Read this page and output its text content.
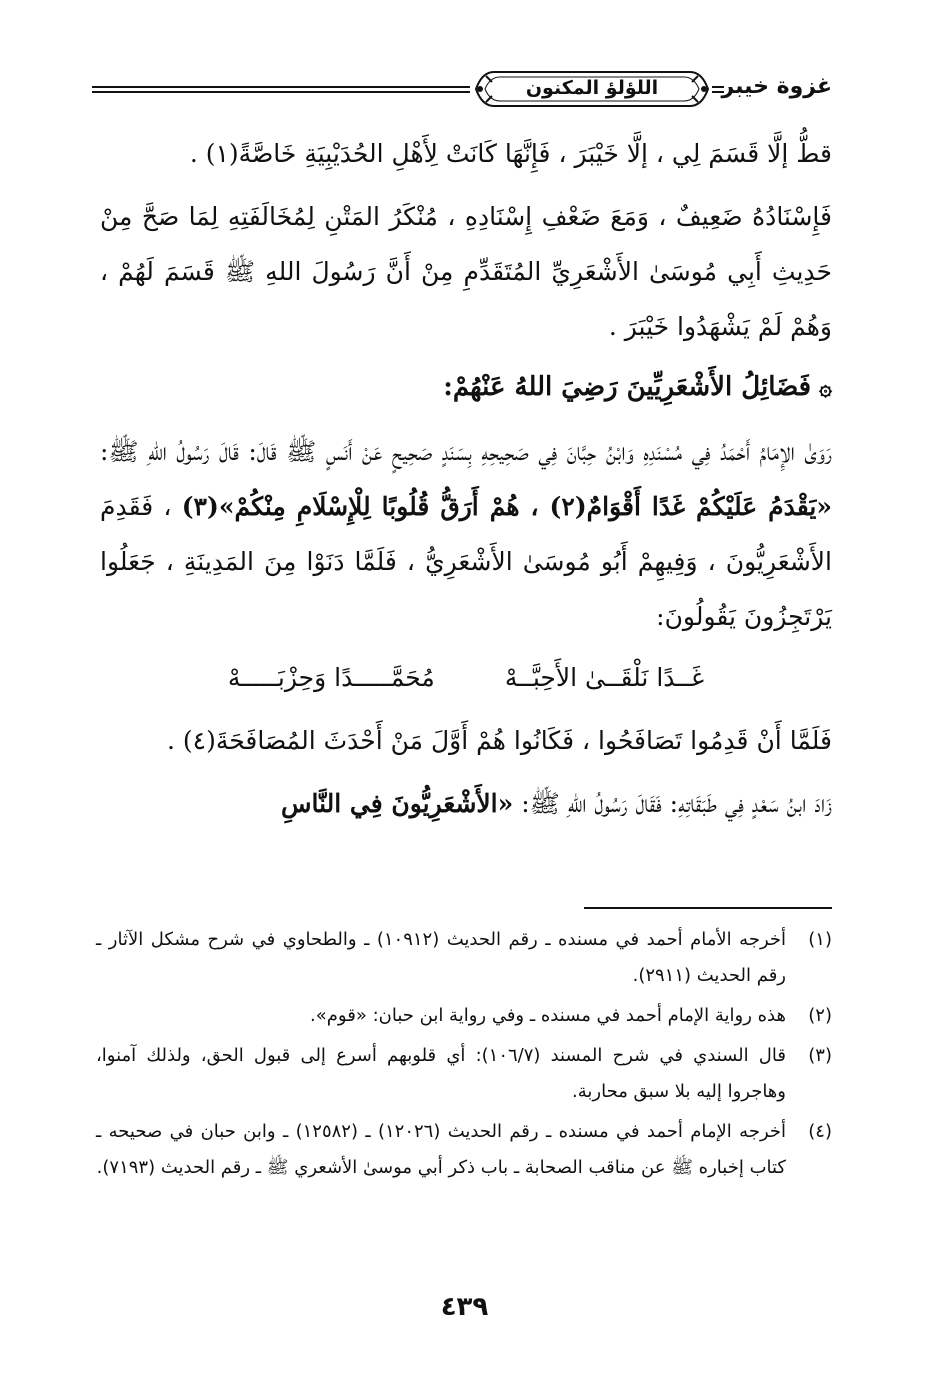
غزوة خيبر
اللؤلؤ المكنون

قطُّ إلَّا قَسَمَ لِي ، إلَّا خَيْبَرَ ، فَإِنَّهَا كَانَتْ لِأَهْلِ الحُدَيْبِيَةِ خَاصَّةً(١) .

فَإِسْنَادُهُ ضَعِيفٌ ، وَمَعَ ضَعْفِ إِسْنَادِهِ ، مُنْكَرُ المَتْنِ لِمُخَالَفَتِهِ لِمَا صَحَّ مِنْ حَدِيثِ أَبِي مُوسَىٰ الأَشْعَرِيِّ المُتَقَدِّمِ مِنْ أَنَّ رَسُولَ اللهِ ﷺ قَسَمَ لَهُمْ ، وَهُمْ لَمْ يَشْهَدُوا خَيْبَرَ .

۞فَضَائِلُ الأَشْعَرِيِّينَ رَضِيَ اللهُ عَنْهُمْ:

رَوَىٰ الإِمَامُ أَحْمَدُ فِي مُسْنَدِهِ وَابْنُ حِبَّانَ فِي صَحِيحِهِ بِسَنَدٍ صَحِيحٍ عَنْ أَنَسٍ ﷺ قَالَ: قَالَ رَسُولُ اللهِ ﷺ: «يَقْدَمُ عَلَيْكُمْ غَدًا أَقْوَامٌ(٢) ، هُمْ أَرَقُّ قُلُوبًا لِلْإِسْلَامِ مِنْكُمْ»(٣) ، فَقَدِمَ الأَشْعَرِيُّونَ ، وَفِيهِمْ أَبُو مُوسَىٰ الأَشْعَرِيُّ ، فَلَمَّا دَنَوْا مِنَ المَدِينَةِ ، جَعَلُوا يَرْتَجِزُونَ يَقُولُونَ:

غَــدًا نَلْقَــىٰ الأَحِبَّــهْ
مُحَمَّـــــدًا وَحِزْبَـــــهْ

فَلَمَّا أَنْ قَدِمُوا تَصَافَحُوا ، فَكَانُوا هُمْ أَوَّلَ مَنْ أَحْدَثَ المُصَافَحَةَ(٤) .

زَادَ ابنُ سَعْدٍ فِي طَبَقَاتِهِ: فَقَالَ رَسُولُ اللهِ ﷺ: «الأَشْعَرِيُّونَ فِي النَّاسِ

(١)
أخرجه الأمام أحمد في مسنده ـ رقم الحديث (١٠٩١٢) ـ والطحاوي في شرح مشكل الآثار ـ رقم الحديث (٢٩١١).
(٢)
هذه رواية الإمام أحمد في مسنده ـ وفي رواية ابن حبان: «قوم».
(٣)
قال السندي في شرح المسند (١٠٦/٧): أي قلوبهم أسرع إلى قبول الحق، ولذلك آمنوا، وهاجروا إليه بلا سبق محاربة.
(٤)
أخرجه الإمام أحمد في مسنده ـ رقم الحديث (١٢٠٢٦) ـ (١٢٥٨٢) ـ وابن حبان في صحيحه ـ كتاب إخباره ﷺ عن مناقب الصحابة ـ باب ذكر أبي موسىٰ الأشعري ﷺ ـ رقم الحديث (٧١٩٣).
٤٣٩
